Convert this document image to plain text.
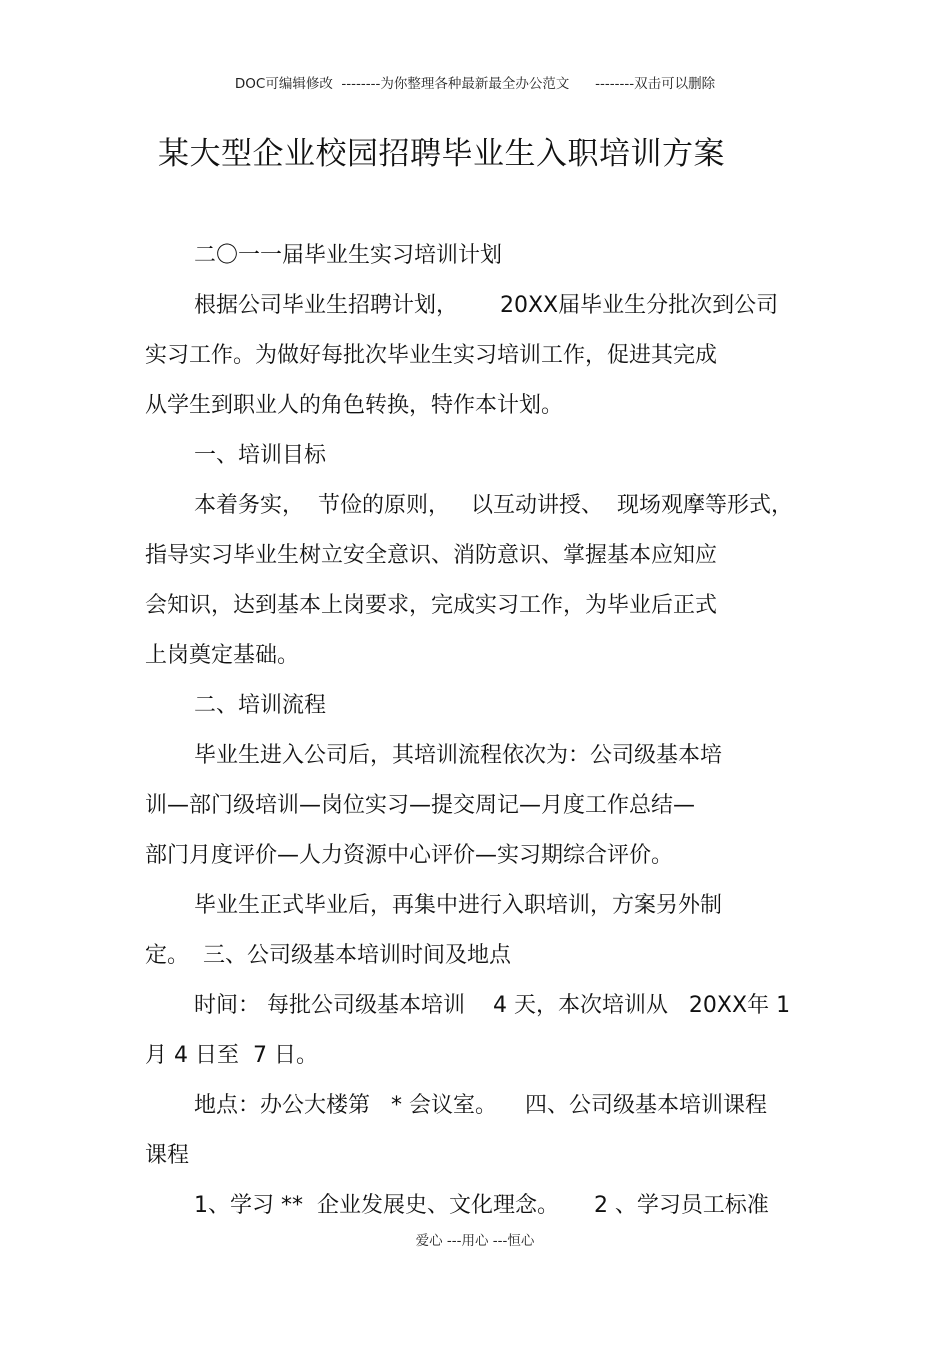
DOC可编辑修改  --------为你整理各种最新最全办公范文      --------双击可以删除
某大型企业校园招聘毕业生入职培训方案
二〇一一届毕业生实习培训计划
根据公司毕业生招聘计划，      20XX届毕业生分批次到公司
实习工作。为做好每批次毕业生实习培训工作，促进其完成
从学生到职业人的角色转换，特作本计划。
一、培训目标
本着务实，  节俭的原则，   以互动讲授、  现场观摩等形式，
指导实习毕业生树立安全意识、消防意识、掌握基本应知应
会知识，达到基本上岗要求，完成实习工作，为毕业后正式
上岗奠定基础。
二、培训流程
毕业生进入公司后，其培训流程依次为：公司级基本培
训—部门级培训—岗位实习—提交周记—月度工作总结—
部门月度评价—人力资源中心评价—实习期综合评价。
毕业生正式毕业后，再集中进行入职培训，方案另外制
定。  三、公司级基本培训时间及地点
时间： 每批公司级基本培训    4 天，本次培训从   20XX年 1
月 4 日至  7 日。
地点：办公大楼第   * 会议室。    四、公司级基本培训课程
课程
1、学习 **  企业发展史、文化理念。     2 、学习员工标准
爱心 ---用心 ---恒心
